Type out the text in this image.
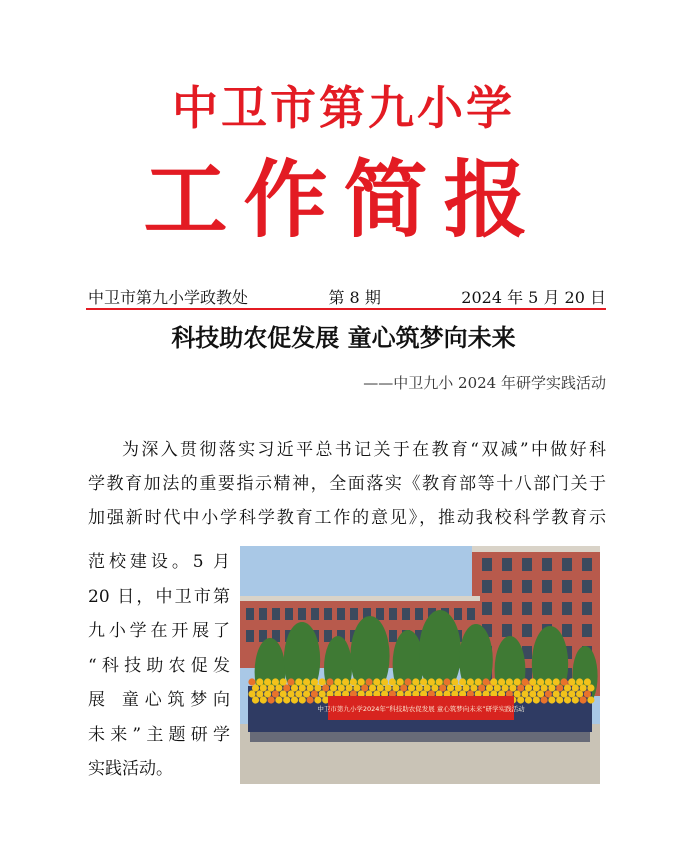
中卫市第九小学
工作简报
中卫市第九小学政教处	第 8 期	2024 年 5 月 20 日
科技助农促发展 童心筑梦向未来
——中卫九小 2024 年研学实践活动
为深入贯彻落实习近平总书记关于在教育“双减”中做好科
学教育加法的重要指示精神，全面落实《教育部等十八部门关于
加强新时代中小学科学教育工作的意见》，推动我校科学教育示
范校建设。5 月
20 日，中卫市第
九小学在开展了
“科技助农促发
展 童心筑梦向
未来”主题研学
实践活动。
中卫市第九小学2024年“科技助农促发展 童心筑梦向未来”研学实践活动
